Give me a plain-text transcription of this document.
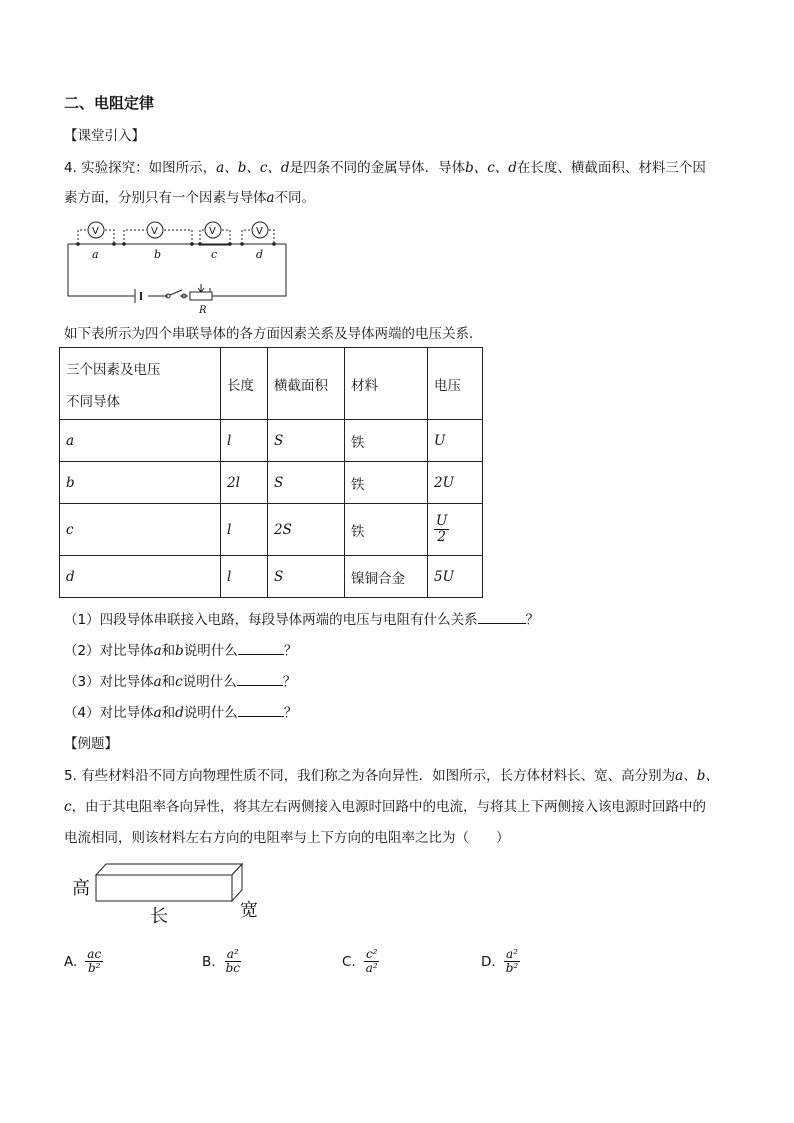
二、电阻定律
【课堂引入】
4. 实验探究：如图所示，a、b、c、d是四条不同的金属导体．导体b、c、d在长度、横截面积、材料三个因
素方面，分别只有一个因素与导体a不同。
R
V	V	V	V
a	b	c	d
如下表所示为四个串联导体的各方面因素关系及导体两端的电压关系．
三个因素及电压
不同导体	长度	横截面积	材料	电压
a	l	S	铁	U
b	2l	S	铁	2U
c	l	2S	铁	$\frac{U}{2}$

d	l	S	镍铜合金	5U
（1）四段导体串联接入电路，每段导体两端的电压与电阻有什么关系	？
（2）对比导体a和b说明什么	？
（3）对比导体a和c说明什么	？
（4）对比导体a和d说明什么	？
【例题】
5. 有些材料沿不同方向物理性质不同，我们称之为各向异性．如图所示，长方体材料长、宽、高分别为a、b、
c，由于其电阻率各向异性，将其左右两侧接入电源时回路中的电流，与将其上下两侧接入该电源时回路中的
电流相同，则该材料左右方向的电阻率与上下方向的电阻率之比为（　　）
高
长	宽
A. $\frac{ac}{\text{b²}}$	B. $\frac{\text{a²}}{bc}$	C. $\frac{\text{c²}}{\text{a²}}$	D. $\frac{\text{a²}}{\text{b²}}$
